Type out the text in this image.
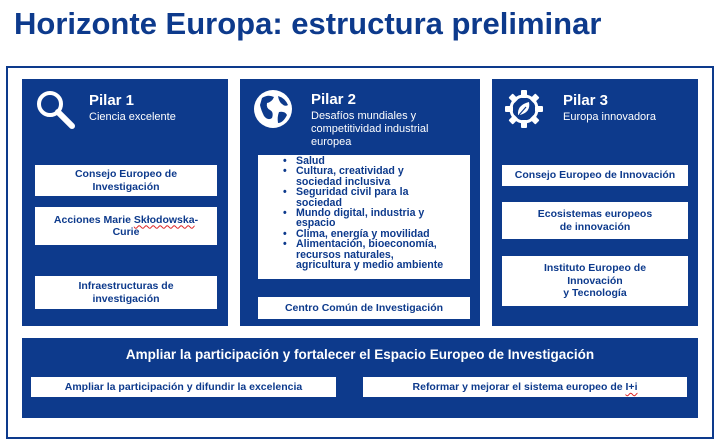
Horizonte Europa: estructura preliminar
Pilar 1
Ciencia excelente
Consejo Europeo de
Investigación
Acciones Marie Skłodowska-
Curie
Infraestructuras de
investigación
Pilar 2
Desafíos mundiales y
competitividad industrial
europea
• Salud
• Cultura, creatividad y
sociedad inclusiva
• Seguridad civil para la
sociedad
• Mundo digital, industria y
espacio
• Clima, energía y movilidad
• Alimentación, bioeconomía,
recursos naturales,
agricultura y medio ambiente
Centro Común de Investigación
Pilar 3
Europa innovadora
Consejo Europeo de Innovación
Ecosistemas europeos
de innovación
Instituto Europeo de
Innovación
y Tecnología
Ampliar la participación y fortalecer el Espacio Europeo de Investigación
Ampliar la participación y difundir la excelencia	Reformar y mejorar el sistema europeo de I+i
